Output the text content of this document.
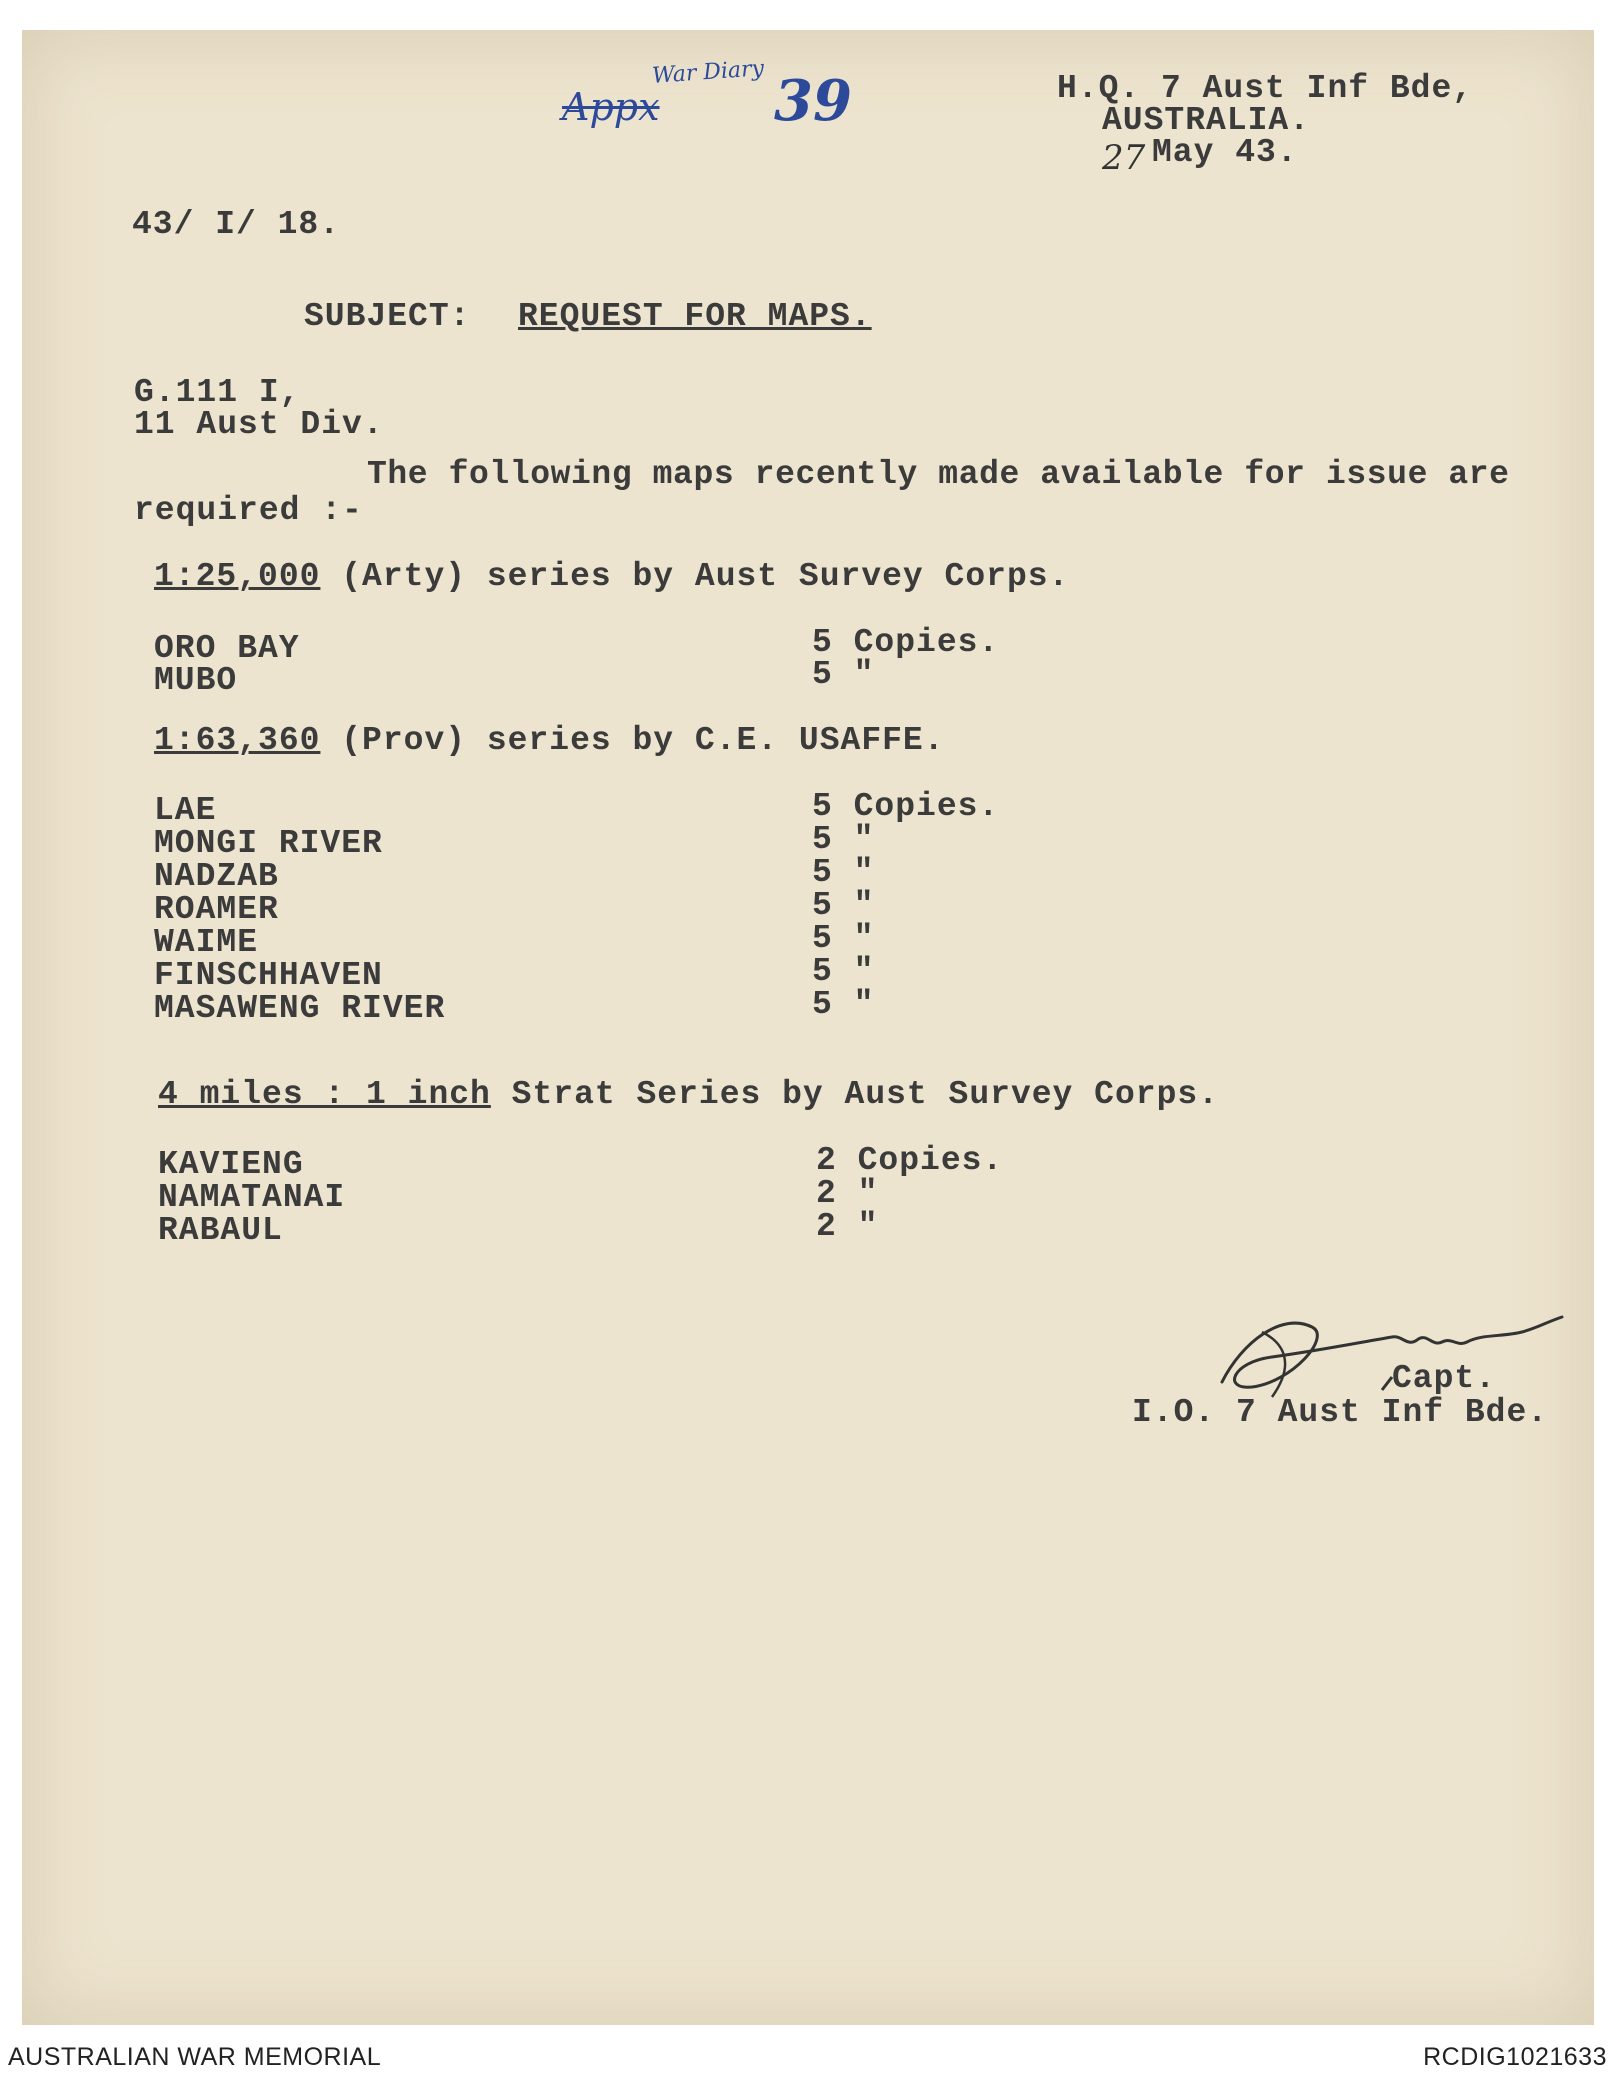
War Diary
Appx 39	H.Q. 7 Aust Inf Bde,
AUSTRALIA.
27 May 43.
43/ I/ 18.
SUBJECT: REQUEST FOR MAPS.
G.111 I,
11 Aust Div.
The following maps recently made available for issue are
required :-
1:25,000 (Arty) series by Aust Survey Corps.
ORO BAY	5 Copies.
MUBO	5 "
1:63,360 (Prov) series by C.E. USAFFE.
LAE	5 Copies.
MONGI RIVER	5 "
NADZAB	5 "
ROAMER	5 "
WAIME	5 "
FINSCHHAVEN	5 "
MASAWENG RIVER	5 "
4 miles : 1 inch Strat Series by Aust Survey Corps.
KAVIENG	2 Copies.
NAMATANAI	2 "
RABAUL	2 "
Capt.
I.O. 7 Aust Inf Bde.
AUSTRALIAN WAR MEMORIAL	RCDIG1021633
